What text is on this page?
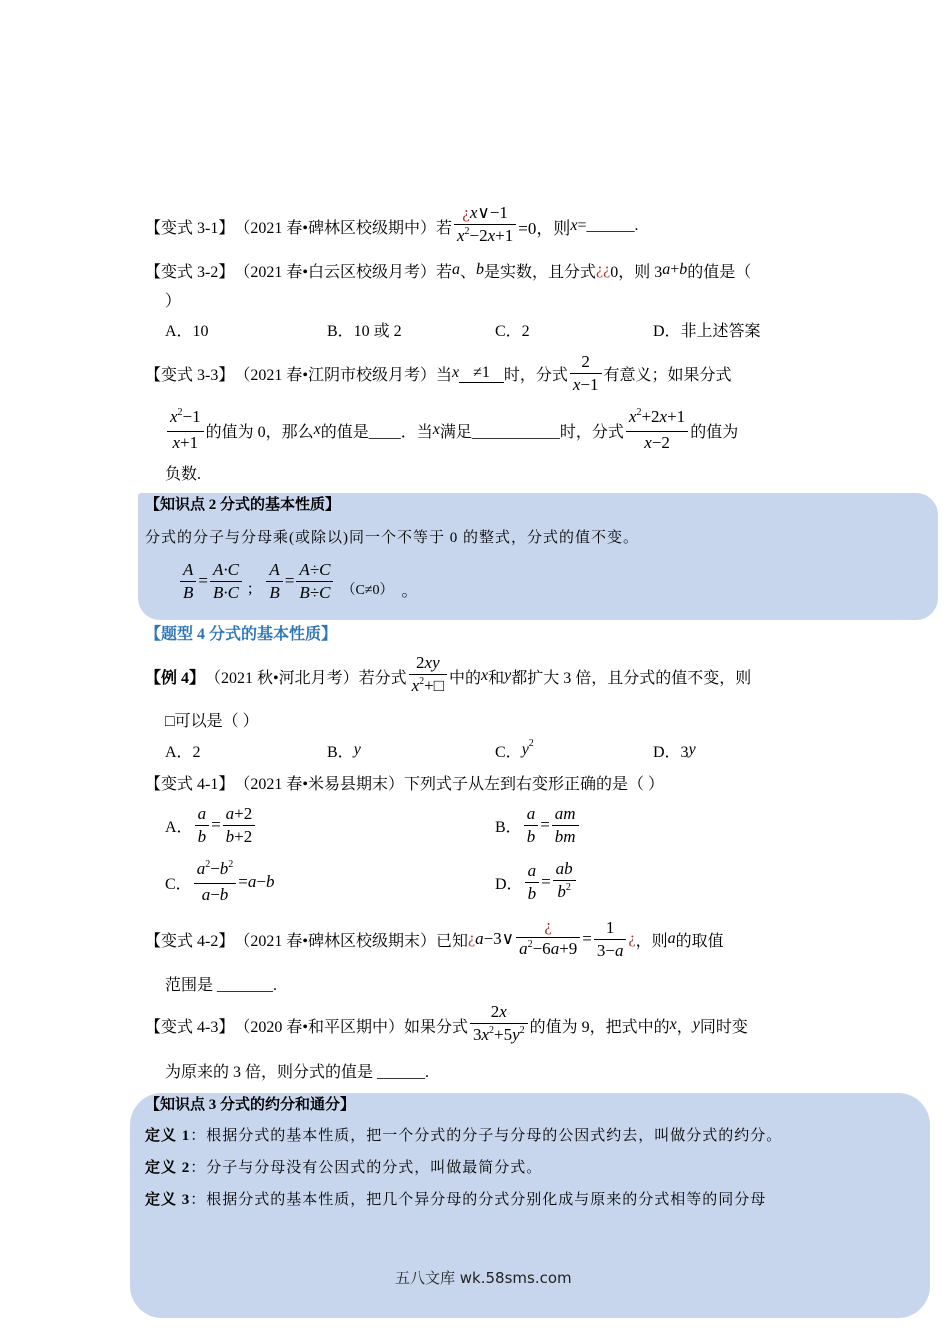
【变式 3-1】 （2021 春•碑林区校级期中）若 $\frac{¿x\vee-1}{x^2-2x+1} =0$，则 x =______.
【变式 3-2】 （2021 春•白云区校级月考）若 a 、 b 是实数，且分式 ¿¿ 0，则 3 a + b 的值是（
）
A．10	B．10 或 2	C．2	D．非上述答案
【变式 3-3】 （2021 春•江阴市校级月考）当 x ≠1 时，分式 $\frac{2}{x-1}$ 有意义；如果分式
$\frac{x^2-1}{x+1}$ 的值为 0，那么 x 的值是____．当 x 满足___________时，分式 $\frac{x^2+2x+1}{x-2}$ 的值为
负数.
【知识点 2 分式的基本性质】
分式的分子与分母乘(或除以)同一个不等于 0 的整式，分式的值不变。
$\frac{A}{B} = \frac{A\cdot C}{B\cdot C}$ ; $\frac{A}{B} = \frac{A\div C}{B\div C} (C\ne 0)$ 。
【题型 4 分式的基本性质】
【例 4】 （2021 秋•河北月考）若分式 $\frac{2xy}{x^2+□}$ 中的 x 和 y 都扩大 3 倍，且分式的值不变，则
□可以是（ ）
A．2	B． y	C． y 2
D．3 y
【变式 4-1】 （2021 春•米易县期末）下列式子从左到右变形正确的是（ ）
A． $\frac{a}{b} = \frac{a+2}{b+2}$	B． $\frac{a}{b} = \frac{am}{bm}$
C． $\frac{a^2-b^2}{a-b} = a - b$	D． $\frac{a}{b} = \frac{ab}{b^2}$
【变式 4-2】 （2021 春•碑林区校级期末）已知 ¿ a −3∨ $\frac{¿}{a^2-6a+9} = \frac{1}{3-a}$ ¿ ，则 a 的取值
范围是 _______.
【变式 4-3】 （2020 春•和平区期中）如果分式 $\frac{2x}{3x^2+5y^2}$ 的值为 9，把式中的 x ， y 同时变
为原来的 3 倍，则分式的值是 ______.
【知识点 3 分式的约分和通分】
定义 1 ：根据分式的基本性质，把一个分式的分子与分母的公因式约去，叫做分式的约分。
定义 2 ：分子与分母没有公因式的分式，叫做最简分式。
定义 3 ：根据分式的基本性质，把几个异分母的分式分别化成与原来的分式相等的同分母
五八文库 wk.58sms.com
